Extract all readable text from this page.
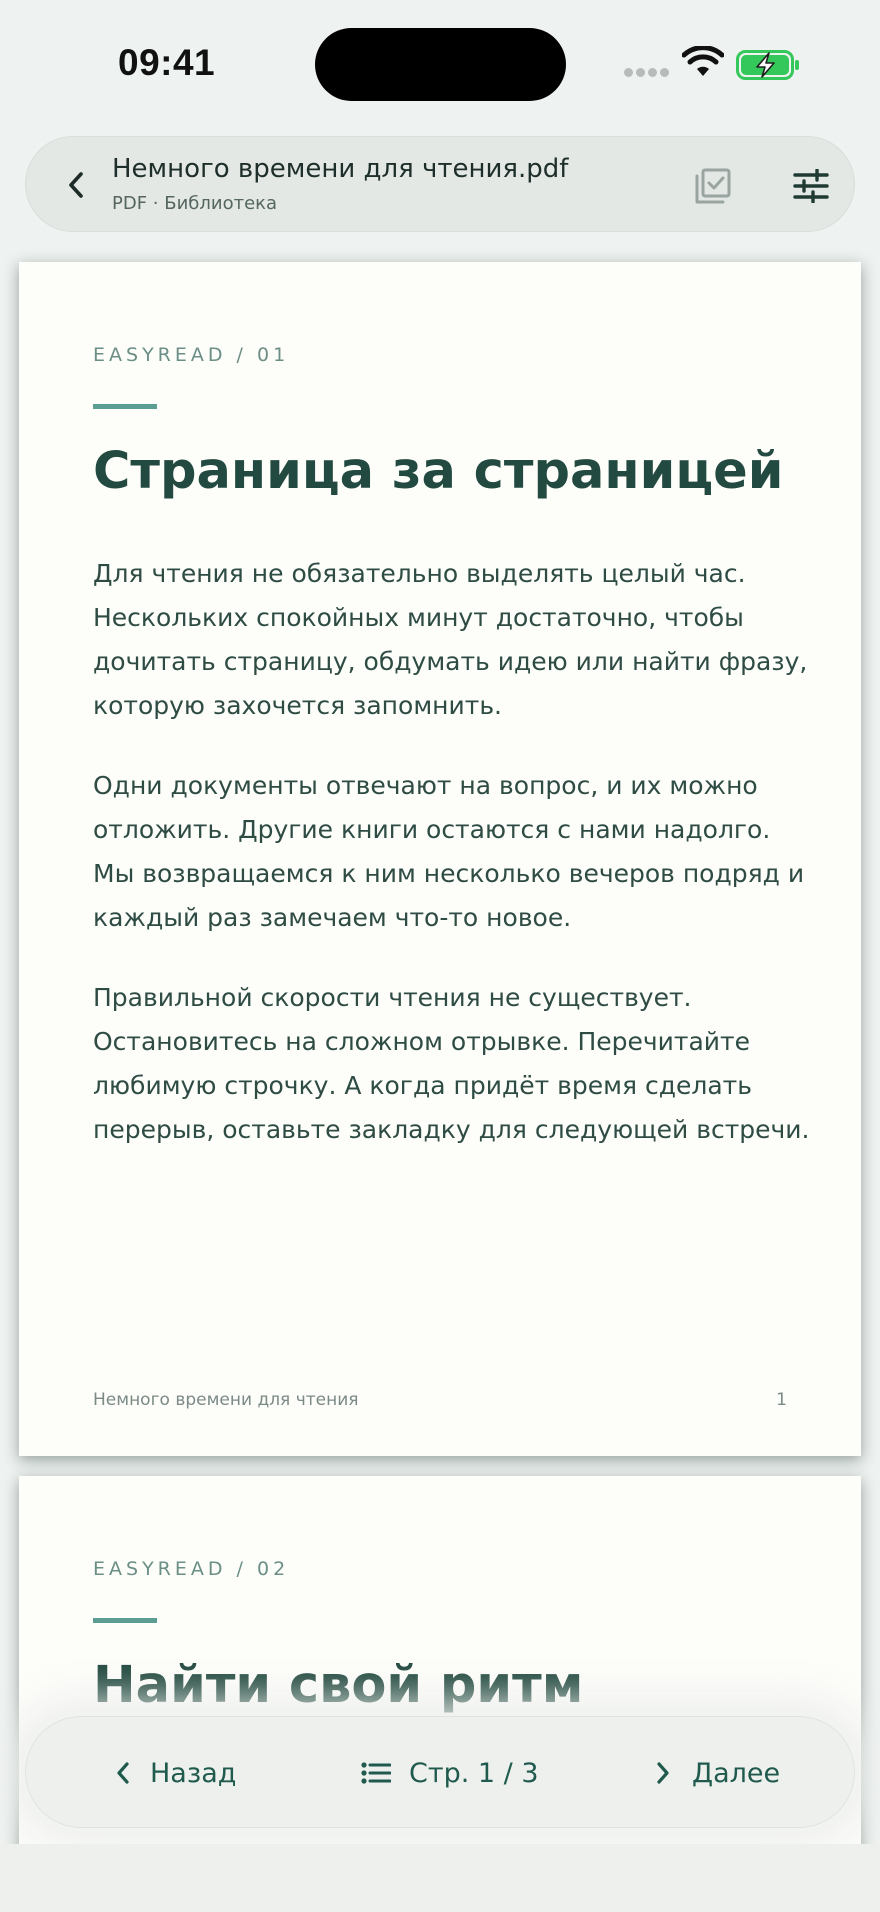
09:41
Немного времени для чтения.pdf
PDF · Библиотека
EASYREAD / 01
Страница за страницей

Для чтения не обязательно выделять целый час. Нескольких спокойных минут достаточно, чтобы дочитать страницу, обдумать идею или найти фразу, которую захочется запомнить.

Одни документы отвечают на вопрос, и их можно отложить. Другие книги остаются с нами надолго. Мы возвращаемся к ним несколько вечеров подряд и каждый раз замечаем что-то новое.

Правильной скорости чтения не существует. Остановитесь на сложном отрывке. Перечитайте любимую строчку. А когда придёт время сделать перерыв, оставьте закладку для следующей встречи.

Немного времени для чтения	1
EASYREAD / 02
Найти свой ритм
Назад	Стр. 1 / 3	Далее
